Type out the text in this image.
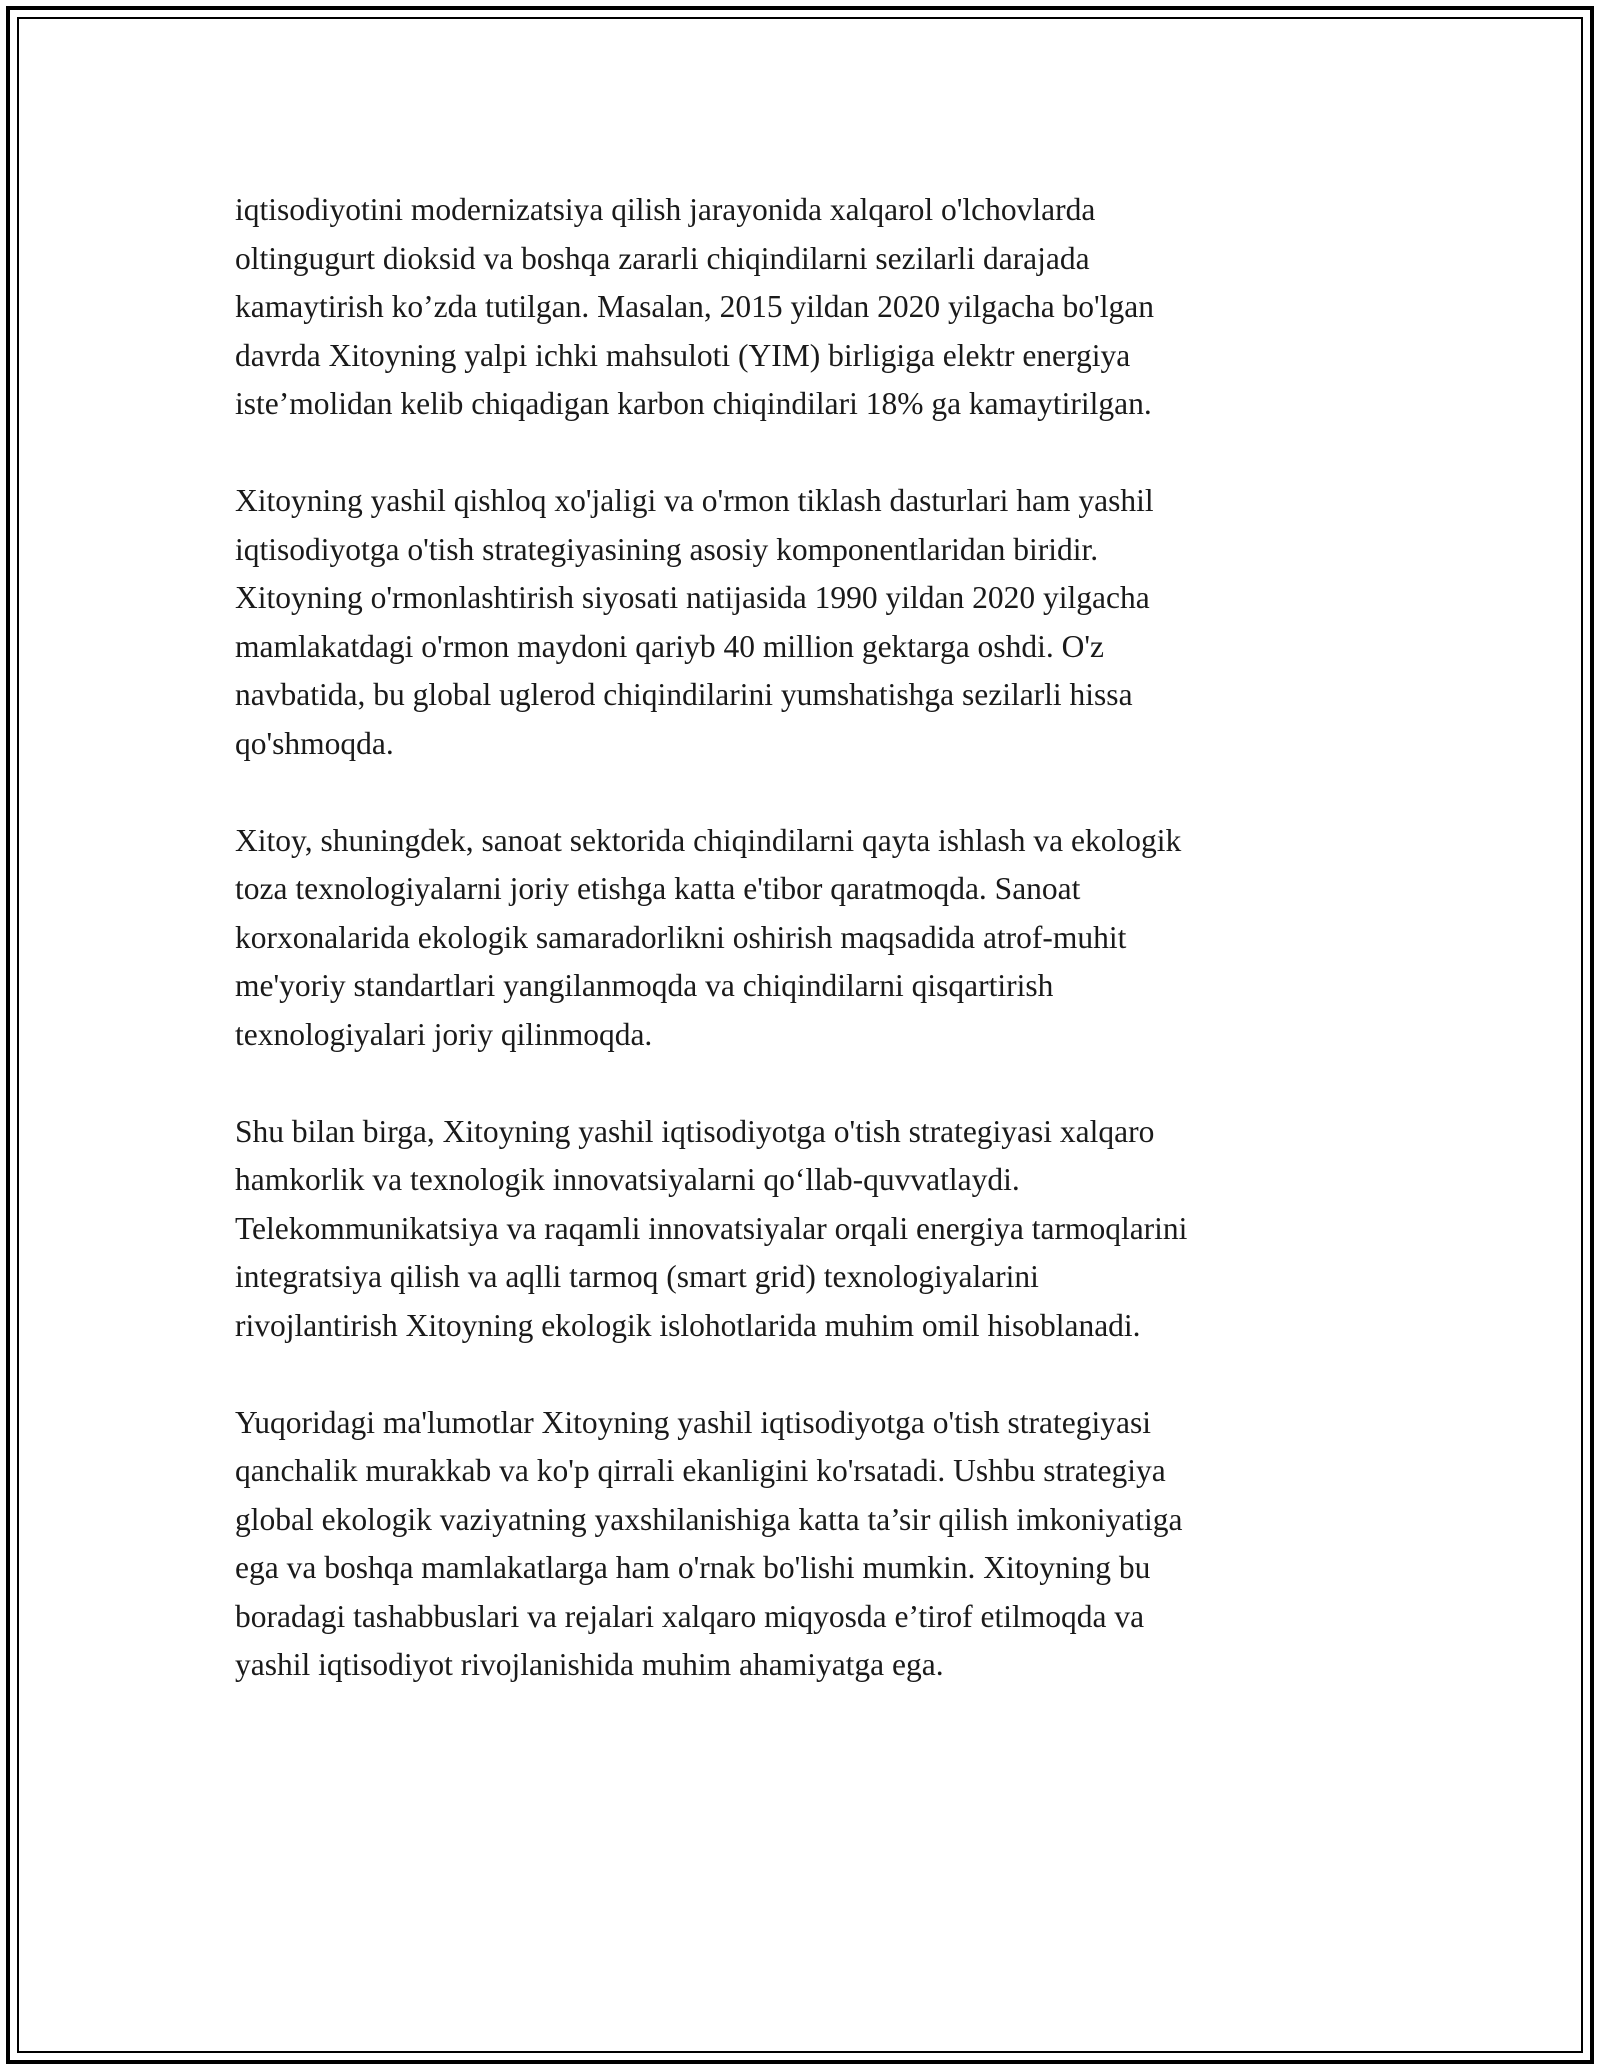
iqtisodiyotini modernizatsiya qilish jarayonida xalqarol o'lchovlarda
oltingugurt dioksid va boshqa zararli chiqindilarni sezilarli darajada
kamaytirish ko’zda tutilgan. Masalan, 2015 yildan 2020 yilgacha bo'lgan
davrda Xitoyning yalpi ichki mahsuloti (YIM) birligiga elektr energiya
iste’molidan kelib chiqadigan karbon chiqindilari 18% ga kamaytirilgan.

Xitoyning yashil qishloq xo'jaligi va o'rmon tiklash dasturlari ham yashil
iqtisodiyotga o'tish strategiyasining asosiy komponentlaridan biridir.
Xitoyning o'rmonlashtirish siyosati natijasida 1990 yildan 2020 yilgacha
mamlakatdagi o'rmon maydoni qariyb 40 million gektarga oshdi. O'z
navbatida, bu global uglerod chiqindilarini yumshatishga sezilarli hissa
qo'shmoqda.

Xitoy, shuningdek, sanoat sektorida chiqindilarni qayta ishlash va ekologik
toza texnologiyalarni joriy etishga katta e'tibor qaratmoqda. Sanoat
korxonalarida ekologik samaradorlikni oshirish maqsadida atrof-muhit
me'yoriy standartlari yangilanmoqda va chiqindilarni qisqartirish
texnologiyalari joriy qilinmoqda.

Shu bilan birga, Xitoyning yashil iqtisodiyotga o'tish strategiyasi xalqaro
hamkorlik va texnologik innovatsiyalarni qo‘llab-quvvatlaydi.
Telekommunikatsiya va raqamli innovatsiyalar orqali energiya tarmoqlarini
integratsiya qilish va aqlli tarmoq (smart grid) texnologiyalarini
rivojlantirish Xitoyning ekologik islohotlarida muhim omil hisoblanadi.

Yuqoridagi ma'lumotlar Xitoyning yashil iqtisodiyotga o'tish strategiyasi
qanchalik murakkab va ko'p qirrali ekanligini ko'rsatadi. Ushbu strategiya
global ekologik vaziyatning yaxshilanishiga katta ta’sir qilish imkoniyatiga
ega va boshqa mamlakatlarga ham o'rnak bo'lishi mumkin. Xitoyning bu
boradagi tashabbuslari va rejalari xalqaro miqyosda e’tirof etilmoqda va
yashil iqtisodiyot rivojlanishida muhim ahamiyatga ega.
